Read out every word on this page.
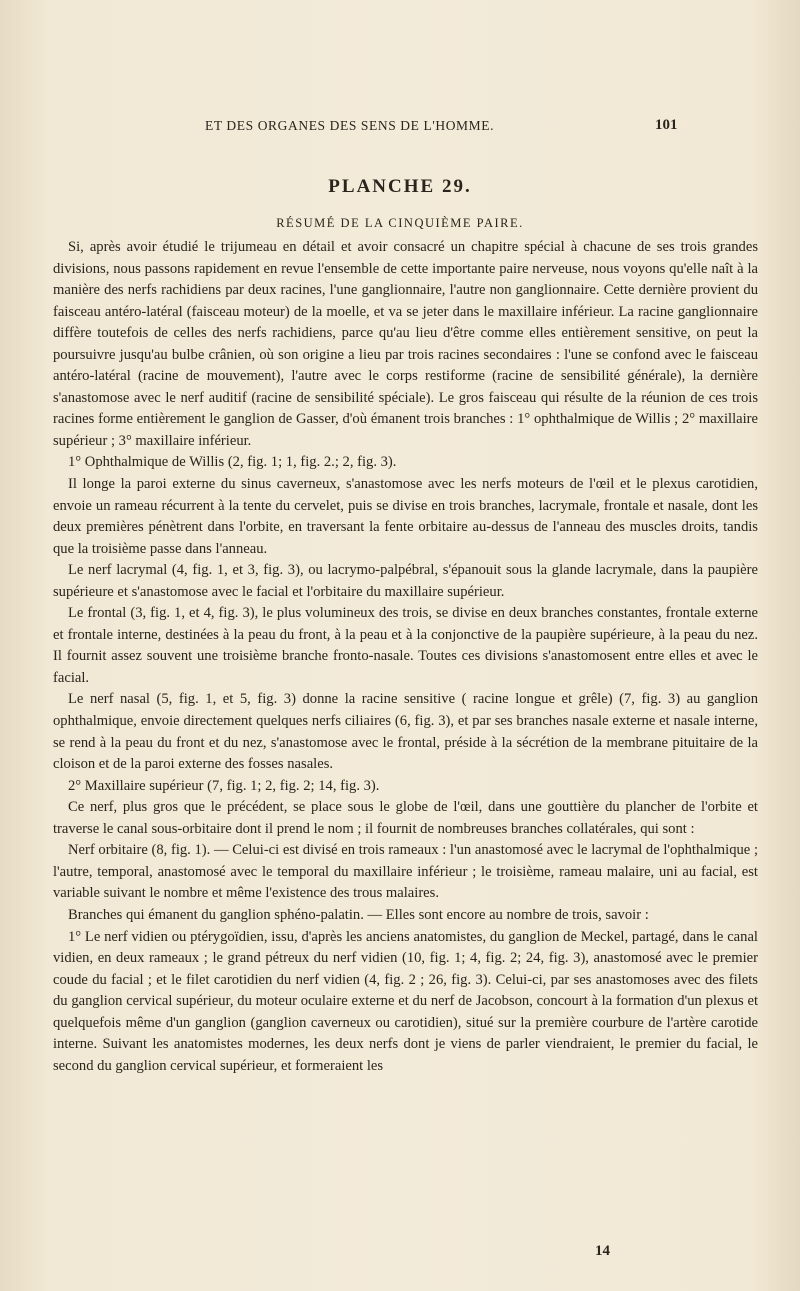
ET DES ORGANES DES SENS DE L'HOMME.	101
PLANCHE 29.
RÉSUMÉ DE LA CINQUIÈME PAIRE.

Si, après avoir étudié le trijumeau en détail et avoir consacré un chapitre spécial à chacune de ses trois grandes divisions, nous passons rapidement en revue l'ensemble de cette importante paire nerveuse, nous voyons qu'elle naît à la manière des nerfs rachidiens par deux racines, l'une ganglionnaire, l'autre non ganglionnaire. Cette dernière provient du faisceau antéro-latéral (faisceau moteur) de la moelle, et va se jeter dans le maxillaire inférieur. La racine ganglionnaire diffère toutefois de celles des nerfs rachidiens, parce qu'au lieu d'être comme elles entièrement sensitive, on peut la poursuivre jusqu'au bulbe crânien, où son origine a lieu par trois racines secondaires : l'une se confond avec le faisceau antéro-latéral (racine de mouvement), l'autre avec le corps restiforme (racine de sensibilité générale), la dernière s'anastomose avec le nerf auditif (racine de sensibilité spéciale). Le gros faisceau qui résulte de la réunion de ces trois racines forme entièrement le ganglion de Gasser, d'où émanent trois branches : 1° ophthalmique de Willis ; 2° maxillaire supérieur ; 3° maxillaire inférieur.

1° Ophthalmique de Willis (2, fig. 1; 1, fig. 2.; 2, fig. 3).

Il longe la paroi externe du sinus caverneux, s'anastomose avec les nerfs moteurs de l'œil et le plexus carotidien, envoie un rameau récurrent à la tente du cervelet, puis se divise en trois branches, lacrymale, frontale et nasale, dont les deux premières pénètrent dans l'orbite, en traversant la fente orbitaire au-dessus de l'anneau des muscles droits, tandis que la troisième passe dans l'anneau.

Le nerf lacrymal (4, fig. 1, et 3, fig. 3), ou lacrymo-palpébral, s'épanouit sous la glande lacrymale, dans la paupière supérieure et s'anastomose avec le facial et l'orbitaire du maxillaire supérieur.

Le frontal (3, fig. 1, et 4, fig. 3), le plus volumineux des trois, se divise en deux branches constantes, frontale externe et frontale interne, destinées à la peau du front, à la peau et à la conjonctive de la paupière supérieure, à la peau du nez. Il fournit assez souvent une troisième branche fronto-nasale. Toutes ces divisions s'anastomosent entre elles et avec le facial.

Le nerf nasal (5, fig. 1, et 5, fig. 3) donne la racine sensitive ( racine longue et grêle) (7, fig. 3) au ganglion ophthalmique, envoie directement quelques nerfs ciliaires (6, fig. 3), et par ses branches nasale externe et nasale interne, se rend à la peau du front et du nez, s'anastomose avec le frontal, préside à la sécrétion de la membrane pituitaire de la cloison et de la paroi externe des fosses nasales.

2° Maxillaire supérieur (7, fig. 1; 2, fig. 2; 14, fig. 3).

Ce nerf, plus gros que le précédent, se place sous le globe de l'œil, dans une gouttière du plancher de l'orbite et traverse le canal sous-orbitaire dont il prend le nom ; il fournit de nombreuses branches collatérales, qui sont :

Nerf orbitaire (8, fig. 1). — Celui-ci est divisé en trois rameaux : l'un anastomosé avec le lacrymal de l'ophthalmique ; l'autre, temporal, anastomosé avec le temporal du maxillaire inférieur ; le troisième, rameau malaire, uni au facial, est variable suivant le nombre et même l'existence des trous malaires.

Branches qui émanent du ganglion sphéno-palatin. — Elles sont encore au nombre de trois, savoir :

1° Le nerf vidien ou ptérygoïdien, issu, d'après les anciens anatomistes, du ganglion de Meckel, partagé, dans le canal vidien, en deux rameaux ; le grand pétreux du nerf vidien (10, fig. 1; 4, fig. 2; 24, fig. 3), anastomosé avec le premier coude du facial ; et le filet carotidien du nerf vidien (4, fig. 2 ; 26, fig. 3). Celui-ci, par ses anastomoses avec des filets du ganglion cervical supérieur, du moteur oculaire externe et du nerf de Jacobson, concourt à la formation d'un plexus et quelquefois même d'un ganglion (ganglion caverneux ou carotidien), situé sur la première courbure de l'artère carotide interne. Suivant les anatomistes modernes, les deux nerfs dont je viens de parler viendraient, le premier du facial, le second du ganglion cervical supérieur, et formeraient les

14
